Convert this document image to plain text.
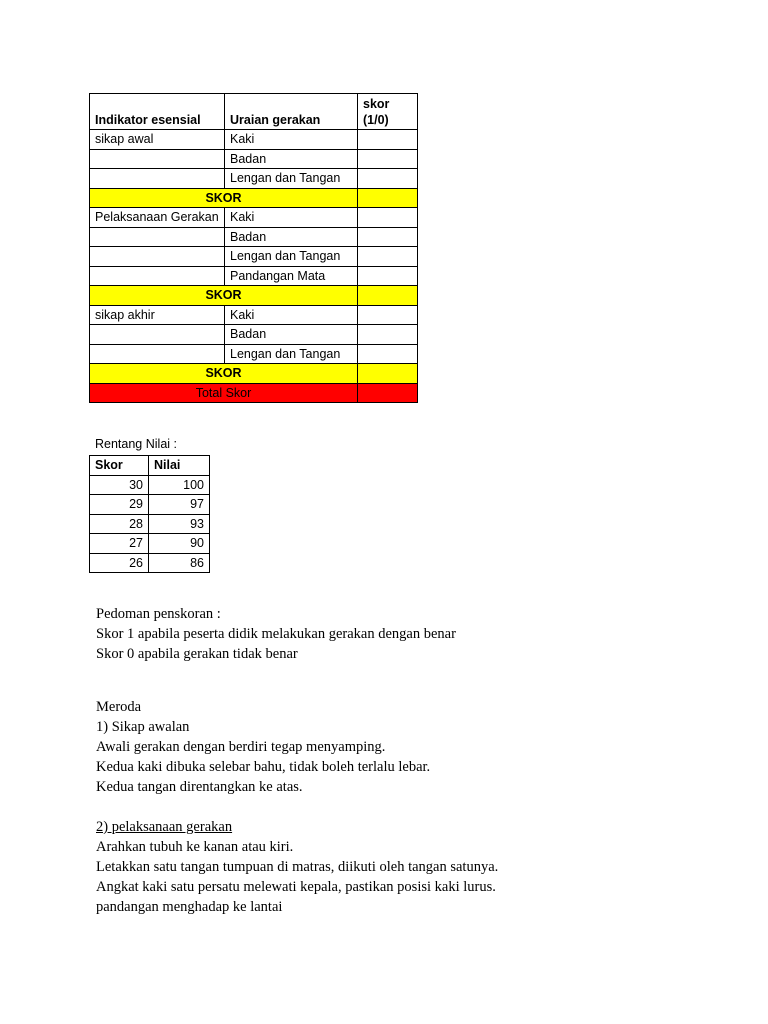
Indikator esensial	Uraian gerakan	skor
(1/0)
sikap awal	Kaki	
	Badan	
	Lengan dan Tangan	
SKOR		
Pelaksanaan Gerakan	Kaki	
	Badan	
	Lengan dan Tangan	
	Pandangan Mata	
SKOR		
sikap akhir	Kaki	
	Badan	
	Lengan dan Tangan	
SKOR		
Total Skor		
Rentang Nilai :
Skor	Nilai
30	100
29	97
28	93
27	90
26	86
Pedoman penskoran :
Skor 1 apabila peserta didik melakukan gerakan dengan benar
Skor 0 apabila gerakan tidak benar
Meroda
1) Sikap awalan
Awali gerakan dengan berdiri tegap menyamping.
Kedua kaki dibuka selebar bahu, tidak boleh terlalu lebar.
Kedua tangan direntangkan ke atas.
2) pelaksanaan gerakan
Arahkan tubuh ke kanan atau kiri.
Letakkan satu tangan tumpuan di matras, diikuti oleh tangan satunya.
Angkat kaki satu persatu melewati kepala, pastikan posisi kaki lurus.
pandangan menghadap ke lantai
